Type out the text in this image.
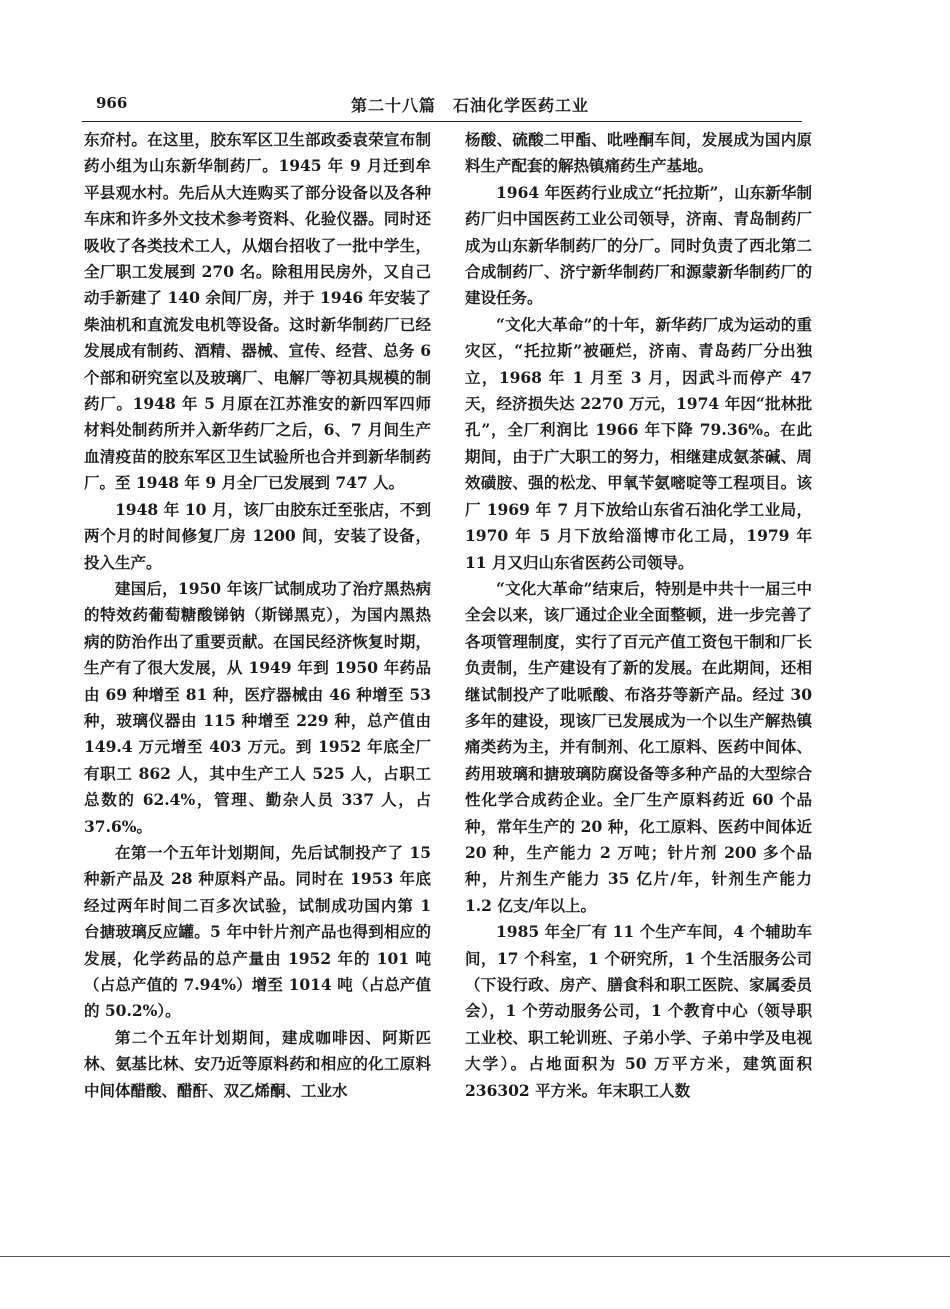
966	第二十八篇　石油化学医药工业

东夼村。在这里，胶东军区卫生部政委袁荣宣布制药小组为山东新华制药厂。1945 年 9 月迁到牟平县观水村。先后从大连购买了部分设备以及各种车床和许多外文技术参考资料、化验仪器。同时还吸收了各类技术工人，从烟台招收了一批中学生，全厂职工发展到 270 名。除租用民房外，又自己动手新建了 140 余间厂房，并于 1946 年安装了柴油机和直流发电机等设备。这时新华制药厂已经发展成有制药、酒精、器械、宣传、经营、总务 6 个部和研究室以及玻璃厂、电解厂等初具规模的制药厂。1948 年 5 月原在江苏淮安的新四军四师材料处制药所并入新华药厂之后，6、7 月间生产血清疫苗的胶东军区卫生试验所也合并到新华制药厂。至 1948 年 9 月全厂已发展到 747 人。

1948 年 10 月，该厂由胶东迁至张店，不到两个月的时间修复厂房 1200 间，安装了设备，投入生产。

建国后，1950 年该厂试制成功了治疗黑热病的特效药葡萄糖酸锑钠（斯锑黑克），为国内黑热病的防治作出了重要贡献。在国民经济恢复时期，生产有了很大发展，从 1949 年到 1950 年药品由 69 种增至 81 种，医疗器械由 46 种增至 53 种，玻璃仪器由 115 种增至 229 种，总产值由 149.4 万元增至 403 万元。到 1952 年底全厂有职工 862 人，其中生产工人 525 人，占职工总数的 62.4%，管理、勤杂人员 337 人，占 37.6%。

在第一个五年计划期间，先后试制投产了 15 种新产品及 28 种原料产品。同时在 1953 年底经过两年时间二百多次试验，试制成功国内第 1 台搪玻璃反应罐。5 年中针片剂产品也得到相应的发展，化学药品的总产量由 1952 年的 101 吨（占总产值的 7.94%）增至 1014 吨（占总产值的 50.2%）。

第二个五年计划期间，建成咖啡因、阿斯匹林、氨基比林、安乃近等原料药和相应的化工原料中间体醋酸、醋酐、双乙烯酮、工业水

杨酸、硫酸二甲酯、吡唑酮车间，发展成为国内原料生产配套的解热镇痛药生产基地。

1964 年医药行业成立“托拉斯”，山东新华制药厂归中国医药工业公司领导，济南、青岛制药厂成为山东新华制药厂的分厂。同时负责了西北第二合成制药厂、济宁新华制药厂和源蒙新华制药厂的建设任务。

“文化大革命”的十年，新华药厂成为运动的重灾区，“托拉斯”被砸烂，济南、青岛药厂分出独立，1968 年 1 月至 3 月，因武斗而停产 47 天，经济损失达 2270 万元，1974 年因“批林批孔”，全厂利润比 1966 年下降 79.36%。在此期间，由于广大职工的努力，相继建成氨茶碱、周效磺胺、强的松龙、甲氧苄氨嘧啶等工程项目。该厂 1969 年 7 月下放给山东省石油化学工业局，1970 年 5 月下放给淄博市化工局，1979 年 11 月又归山东省医药公司领导。

“文化大革命”结束后，特别是中共十一届三中全会以来，该厂通过企业全面整顿，进一步完善了各项管理制度，实行了百元产值工资包干制和厂长负责制，生产建设有了新的发展。在此期间，还相继试制投产了吡哌酸、布洛芬等新产品。经过 30 多年的建设，现该厂已发展成为一个以生产解热镇痛类药为主，并有制剂、化工原料、医药中间体、药用玻璃和搪玻璃防腐设备等多种产品的大型综合性化学合成药企业。全厂生产原料药近 60 个品种，常年生产的 20 种，化工原料、医药中间体近 20 种，生产能力 2 万吨；针片剂 200 多个品种，片剂生产能力 35 亿片/年，针剂生产能力 1.2 亿支/年以上。

1985 年全厂有 11 个生产车间，4 个辅助车间，17 个科室，1 个研究所，1 个生活服务公司（下设行政、房产、膳食科和职工医院、家属委员会），1 个劳动服务公司，1 个教育中心（领导职工业校、职工轮训班、子弟小学、子弟中学及电视大学）。占地面积为 50 万平方米，建筑面积 236302 平方米。年末职工人数
